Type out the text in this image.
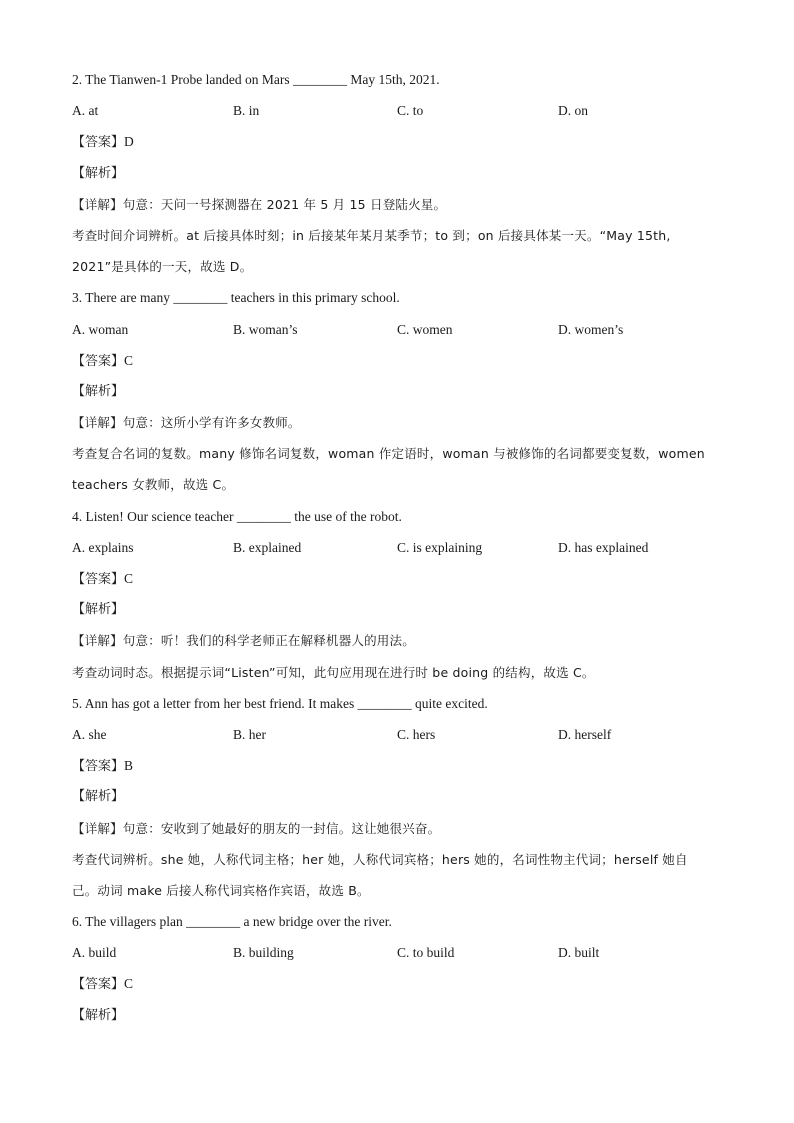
2. The Tianwen-1 Probe landed on Mars ________ May 15th, 2021.
A. at	B. in	C. to	D. on
【答案】D
【解析】
【详解】句意：天问一号探测器在 2021 年 5 月 15 日登陆火星。
考查时间介词辨析。at 后接具体时刻；in 后接某年某月某季节；to 到；on 后接具体某一天。“May 15th,
2021”是具体的一天，故选 D。
3. There are many ________ teachers in this primary school.
A. woman	B. woman’s	C. women	D. women’s
【答案】C
【解析】
【详解】句意：这所小学有许多女教师。
考查复合名词的复数。many 修饰名词复数，woman 作定语时，woman 与被修饰的名词都要变复数，women
teachers 女教师，故选 C。
4. Listen! Our science teacher ________ the use of the robot.
A. explains	B. explained	C. is explaining	D. has explained
【答案】C
【解析】
【详解】句意：听！我们的科学老师正在解释机器人的用法。
考查动词时态。根据提示词“Listen”可知，此句应用现在进行时 be doing 的结构，故选 C。
5. Ann has got a letter from her best friend. It makes ________ quite excited.
A. she	B. her	C. hers	D. herself
【答案】B
【解析】
【详解】句意：安收到了她最好的朋友的一封信。这让她很兴奋。
考查代词辨析。she 她，人称代词主格；her 她，人称代词宾格；hers 她的，名词性物主代词；herself 她自
己。动词 make 后接人称代词宾格作宾语，故选 B。
6. The villagers plan ________ a new bridge over the river.
A. build	B. building	C. to build	D. built
【答案】C
【解析】
